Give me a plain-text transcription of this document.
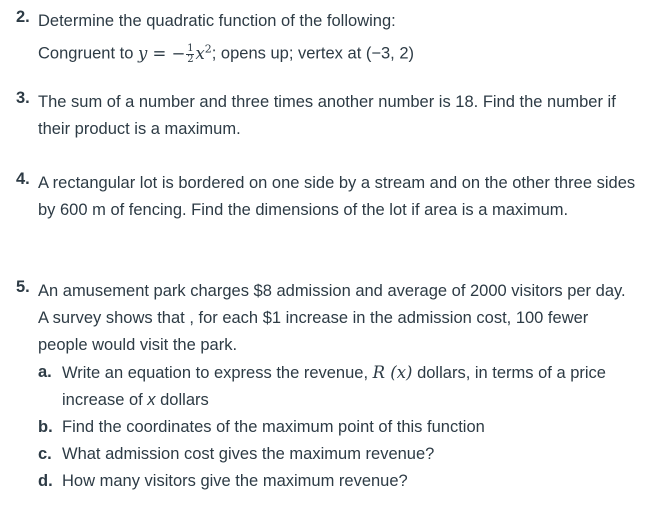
2. Determine the quadratic function of the following:
Congruent to y = − $\frac{1}{2} x^2$; opens up; vertex at (−3, 2)
3. The sum of a number and three times another number is 18. Find the number if their product is a maximum.
4. A rectangular lot is bordered on one side by a stream and on the other three sides by 600 m of fencing. Find the dimensions of the lot if area is a maximum.
5. An amusement park charges $8 admission and average of 2000 visitors per day. A survey shows that , for each $1 increase in the admission cost, 100 fewer people would visit the park.
a. Write an equation to express the revenue, R (x) dollars, in terms of a price increase of x dollars
b. Find the coordinates of the maximum point of this function
c. What admission cost gives the maximum revenue?
d. How many visitors give the maximum revenue?
